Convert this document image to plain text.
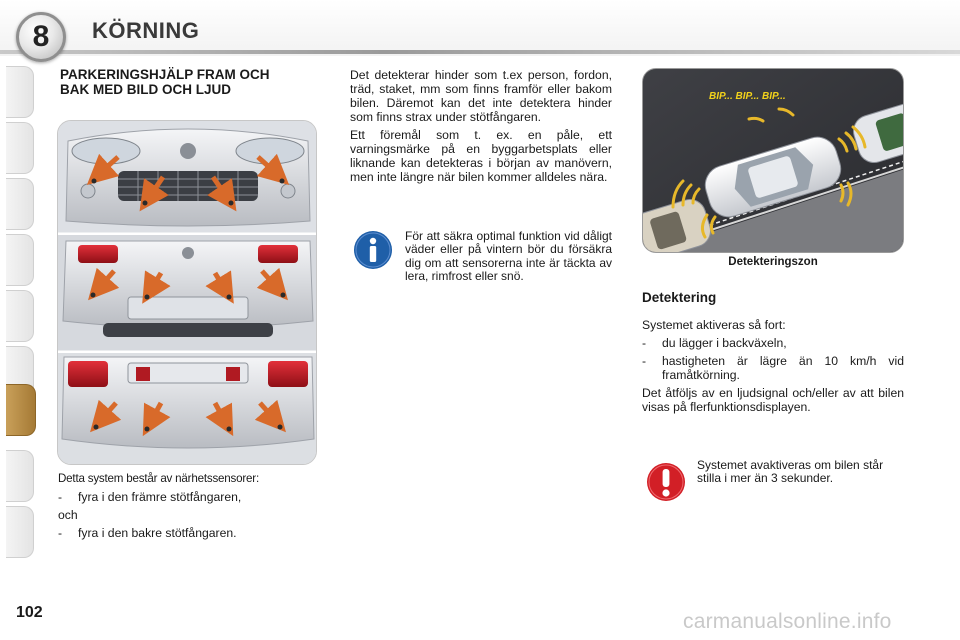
8	KÖRNING
PARKERINGSHJÄLP FRAM OCH BAK MED BILD OCH LJUD

Detta system består av närhetssensorer:

-	fyra i den främre stötfångaren,

och

-	fyra i den bakre stötfångaren.

Det detekterar hinder som t.ex person, fordon, träd, staket, mm som finns framför eller bakom bilen. Däremot kan det inte detektera hinder som finns strax under stötfångaren.

Ett föremål som t. ex. en påle, ett varningsmärke på en byggarbetsplats eller liknande kan detekteras i början av manövern, men inte längre när bilen kommer alldeles nära.

För att säkra optimal funktion vid dåligt väder eller på vintern bör du försäkra dig om att sensorerna inte är täckta av lera, rimfrost eller snö.
BIP... BIP... BIP...
Detekteringszon
Detektering

Systemet aktiveras så fort:

-	du lägger i backväxeln,
-	hastigheten är lägre än 10 km/h vid framåtkörning.

Det åtföljs av en ljudsignal och/eller av att bilen visas på flerfunktionsdisplayen.

Systemet avaktiveras om bilen står stilla i mer än 3 sekunder.
102	carmanualsonline.info
